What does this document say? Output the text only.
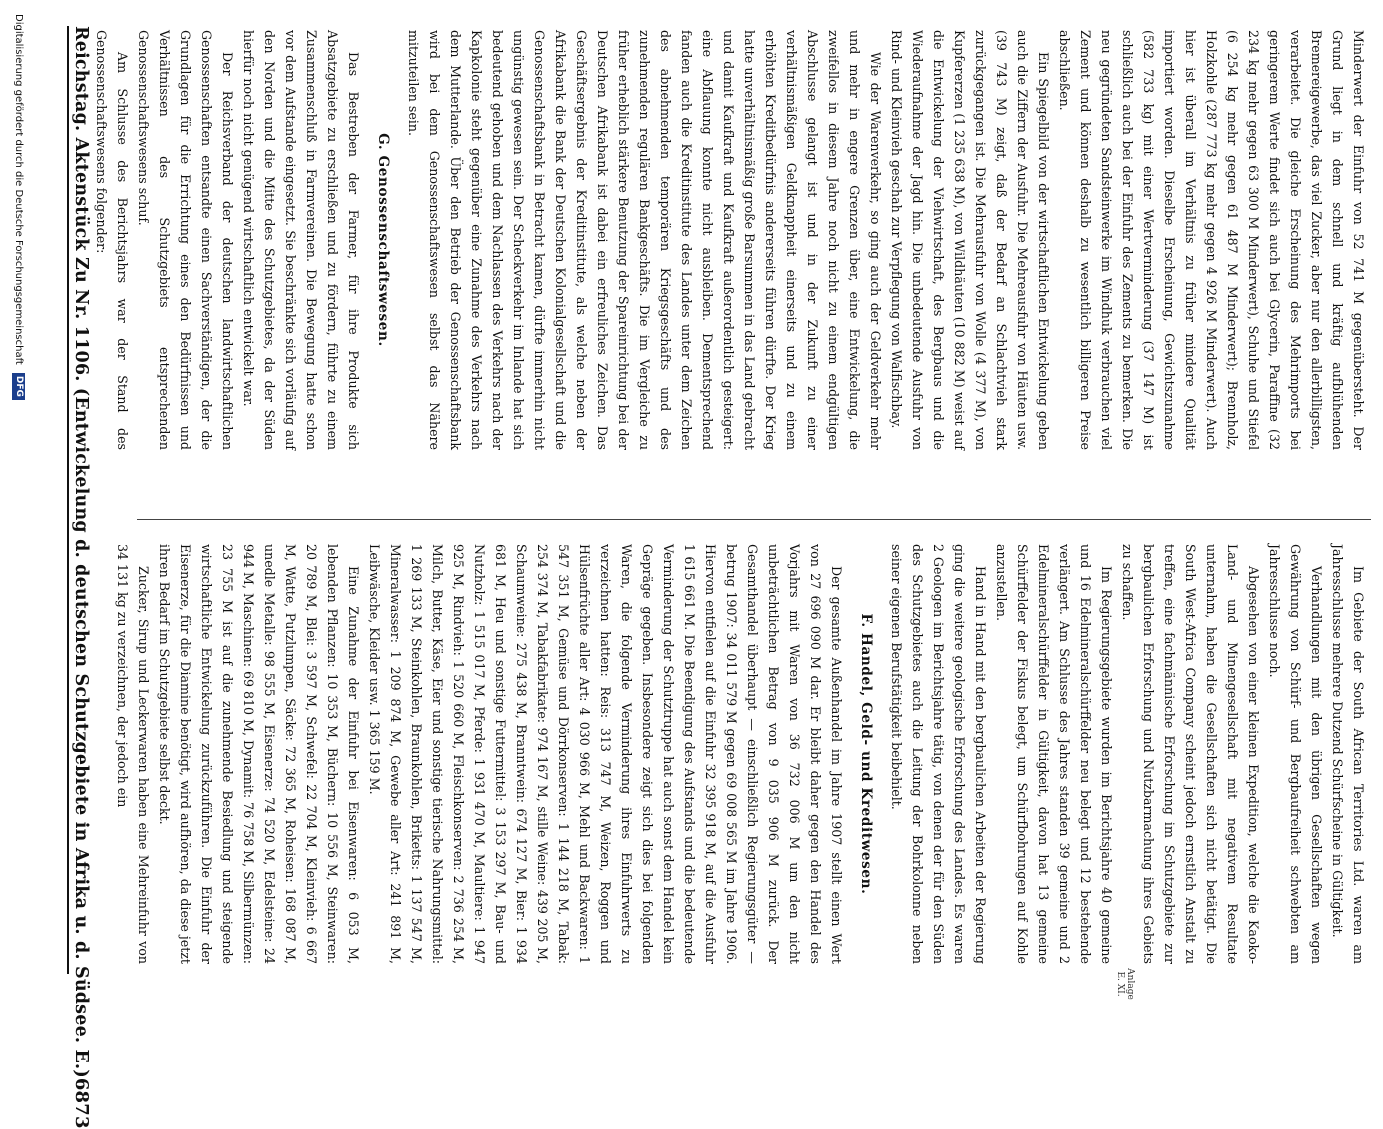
Reichstag. Aktenstück Zu Nr. 1106. (Entwickelung d. deutschen Schutzgebiete in Afrika u. d. Südsee. E.)
6873
Anlage E. XI.

Im Gebiete der South African Territories Ltd. waren am Jahresschlusse mehrere Dutzend Schürfscheine in Gültigkeit.

Verhandlungen mit den übrigen Gesellschaften wegen Gewährung von Schürf- und Bergbaufreiheit schwebten am Jahresschlusse noch.

Abgesehen von einer kleinen Expedition, welche die Kaoko-Land- und Minengesellschaft mit negativem Resultate unternahm, haben die Gesellschaften sich nicht betätigt. Die South West-Africa Company scheint jedoch ernstlich Anstalt zu treffen, eine fachmännische Erforschung im Schutzgebiete zur bergbaulichen Erforschung und Nutzbarmachung ihres Gebiets zu schaffen.

Im Regierungsgebiete wurden im Berichtsjahre 40 gemeine und 16 Edelmineralschürffelder neu belegt und 12 bestehende verlängert. Am Schlusse des Jahres standen 39 gemeine und 2 Edelmineralschürffelder in Gültigkeit, davon hat 13 gemeine Schürffelder der Fiskus belegt, um Schürfbohrungen auf Kohle anzustellen.

Hand in Hand mit den bergbaulichen Arbeiten der Regierung ging die weitere geologische Erforschung des Landes. Es waren 2 Geologen im Berichtsjahre tätig, von denen der für den Süden des Schutzgebietes auch die Leitung der Bohrkolonne neben seiner eigenen Berufstätigkeit beibehielt.

F. Handel, Geld- und Kreditwesen.

Der gesamte Außenhandel im Jahre 1907 stellt einen Wert von 27 696 090 M dar. Er bleibt daher gegen den Handel des Vorjahrs mit Waren von 36 732 006 M um den nicht unbeträchtlichen Betrag von 9 035 906 M zurück. Der Gesamthandel überhaupt — einschließlich Regierungsgüter — betrug 1907: 34 011 579 M gegen 69 008 565 M im Jahre 1906. Hiervon entfielen auf die Einfuhr 32 395 918 M, auf die Ausfuhr 1 615 661 M. Die Beendigung des Aufstands und die bedeutende Verminderung der Schutztruppe hat auch sonst dem Handel kein Gepräge gegeben. Insbesondere zeigt sich dies bei folgenden Waren, die folgende Verminderung ihres Einfuhrwerts zu verzeichnen hatten: Reis: 313 747 M, Weizen, Roggen und Hülsenfrüchte aller Art: 4 030 966 M, Mehl und Backwaren: 1 547 351 M, Gemüse und Dörrkonserven: 1 144 218 M, Tabak: 254 374 M, Tabakfabrikate: 974 167 M, stille Weine: 439 205 M, Schaumweine: 275 438 M, Branntwein: 674 127 M, Bier: 1 934 681 M, Heu und sonstige Futtermittel: 3 153 297 M, Bau- und Nutzholz: 1 515 017 M, Pferde: 1 931 470 M, Maultiere: 1 947 925 M, Rindvieh: 1 520 660 M, Fleischkonserven: 2 736 254 M, Milch, Butter, Käse, Eier und sonstige tierische Nahrungsmittel: 1 269 133 M, Steinkohlen, Braunkohlen, Briketts: 1 137 547 M, Mineralwasser: 1 209 874 M, Gewebe aller Art: 241 891 M, Leibwäsche, Kleider usw. 1 365 159 M.

Eine Zunahme der Einfuhr bei Eisenwaren: 6 053 M, lebenden Pflanzen: 10 353 M, Büchern: 10 556 M, Steinwaren: 20 789 M, Blei: 3 597 M, Schwefel: 22 704 M, Kleinvieh: 6 667 M, Watte, Putzlumpen, Säcke: 72 365 M, Roheisen: 168 087 M, unedle Metalle: 98 555 M, Eisenerze: 74 520 M, Edelsteine: 24 944 M, Maschinen: 69 810 M, Dynamit: 76 758 M, Silbermünzen: 23 755 M ist auf die zunehmende Besiedlung und steigende wirtschaftliche Entwickelung zurückzuführen. Die Einfuhr der Eisenerze, für die Diamine benötigt, wird aufhören, da diese jetzt ihren Bedarf im Schutzgebiete selbst deckt.

Zucker, Sirup und Leckerwaren haben eine Mehreinfuhr von 34 131 kg zu verzeichnen, der jedoch ein

Minderwert der Einfuhr von 52 741 M gegenübersteht. Der Grund liegt in dem schnell und kräftig aufblühenden Bremereigewerbe, das viel Zucker, aber nur den allerbilligsten, verarbeitet. Die gleiche Erscheinung des Mehrimports bei geringerem Werte findet sich auch bei Glycerin, Paraffine (32 234 kg mehr gegen 63 300 M Minderwert), Schuhe und Stiefel (6 254 kg mehr gegen 61 487 M Minderwert); Brennholz, Holzkohle (287 773 kg mehr gegen 4 926 M Minderwert). Auch hier ist überall im Verhältnis zu früher mindere Qualität importiert worden. Dieselbe Erscheinung, Gewichtszunahme (582 733 kg) mit einer Wertverminderung (37 147 M) ist schließlich auch bei der Einfuhr des Zements zu bemerken. Die neu gegründeten Sandsteinwerke im Windhuk verbrauchen viel Zement und können deshalb zu wesentlich billigeren Preise abschließen.

Ein Spiegelbild von der wirtschaftlichen Entwickelung geben auch die Ziffern der Ausfuhr. Die Mehreausfuhr von Häuten usw. (39 743 M) zeigt, daß der Bedarf an Schlachtvieh stark zurückgegangen ist. Die Mehrausfuhr von Wolle (4 377 M), von Kupfererzen (1 235 638 M), von Wildhäuten (10 882 M) weist auf die Entwickelung der Viehwirtschaft, des Bergbaus und die Wiederaufnahme der Jagd hin. Die unbedeutende Ausfuhr von Rind- und Kleinvieh geschah zur Verpflegung von Walfischbay.

Wie der Warenverkehr, so ging auch der Geldverkehr mehr und mehr in engere Grenzen über, eine Entwickelung, die zweifellos in diesem Jahre noch nicht zu einem endgültigen Abschlusse gelangt ist und in der Zukunft zu einer verhältnismäßigen Geldknappheit einerseits und zu einem erhöhten Kreditbedürfnis andererseits führen dürfte. Der Krieg hatte unverhältnismäßig große Barsummen in das Land gebracht und damit Kaufkraft und Kaufkraft außerordentlich gesteigert: eine Abflauung konnte nicht ausbleiben. Dementsprechend fanden auch die Kreditinstitute des Landes unter dem Zeichen des abnehmenden temporären Kriegsgeschäfts und des zunehmenden regulären Bankgeschäfts. Die im Vergleiche zu früher erheblich stärkere Benutzung der Spareinrichtung bei der Deutschen Afrikabank ist dabei ein erfreuliches Zeichen. Das Geschäftsergebnis der Kreditinstitute, als welche neben der Afrikabank die Bank der Deutschen Kolonialgesellschaft und die Genossenschaftsbank in Betracht kamen, dürfte immerhin nicht ungünstig gewesen sein. Der Scheckverkehr im Inlande hat sich bedeutend gehoben und dem Nachlassen des Verkehrs nach der Kapkolonie steht gegenüber eine Zunahme des Verkehrs nach dem Mutterlande. Über den Betrieb der Genossenschaftsbank wird bei dem Genossenschaftswesen selbst das Nähere mitzuteilen sein.

G. Genossenschaftswesen.

Das Bestreben der Farmer, für ihre Produkte sich Absatzgebiete zu erschließen und zu fördern, führte zu einem Zusammenschluß in Farmvereinen. Die Bewegung hatte schon vor dem Aufstande eingesetzt. Sie beschränkte sich vorläufig auf den Norden und die Mitte des Schutzgebietes, da der Süden hierfür noch nicht genügend wirtschaftlich entwickelt war.

Der Reichsverband der deutschen landwirtschaftlichen Genossenschaften entsandte einen Sachverständigen, der die Grundlagen für die Errichtung eines den Bedürfnissen und Verhältnissen des Schutzgebiets entsprechenden Genossenschaftswesens schuf.

Am Schlusse des Berichtsjahrs war der Stand des Genossenschaftswesens folgender:

Digitalisierung gefördert durch die Deutsche Forschungsgemeinschaft
DFG
